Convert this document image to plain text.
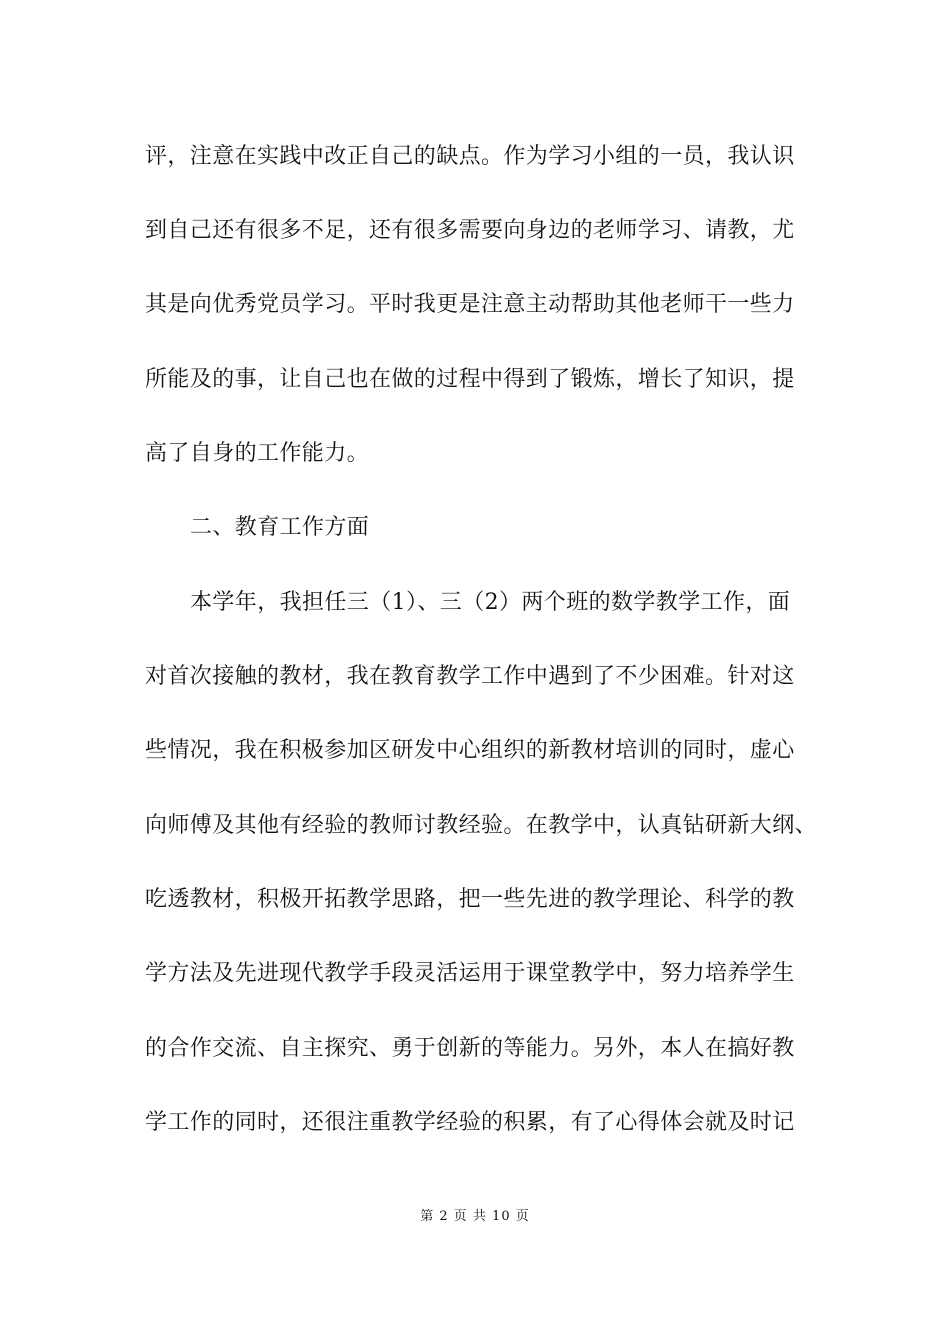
评，注意在实践中改正自己的缺点。作为学习小组的一员，我认识
到自己还有很多不足，还有很多需要向身边的老师学习、请教，尤
其是向优秀党员学习。平时我更是注意主动帮助其他老师干一些力
所能及的事，让自己也在做的过程中得到了锻炼，增长了知识，提
高了自身的工作能力。
二、教育工作方面
本学年，我担任三（1）、三（2）两个班的数学教学工作，面
对首次接触的教材，我在教育教学工作中遇到了不少困难。针对这
些情况，我在积极参加区研发中心组织的新教材培训的同时，虚心
向师傅及其他有经验的教师讨教经验。在教学中，认真钻研新大纲、
吃透教材，积极开拓教学思路，把一些先进的教学理论、科学的教
学方法及先进现代教学手段灵活运用于课堂教学中，努力培养学生
的合作交流、自主探究、勇于创新的等能力。另外，本人在搞好教
学工作的同时，还很注重教学经验的积累，有了心得体会就及时记
第 2 页 共 10 页
